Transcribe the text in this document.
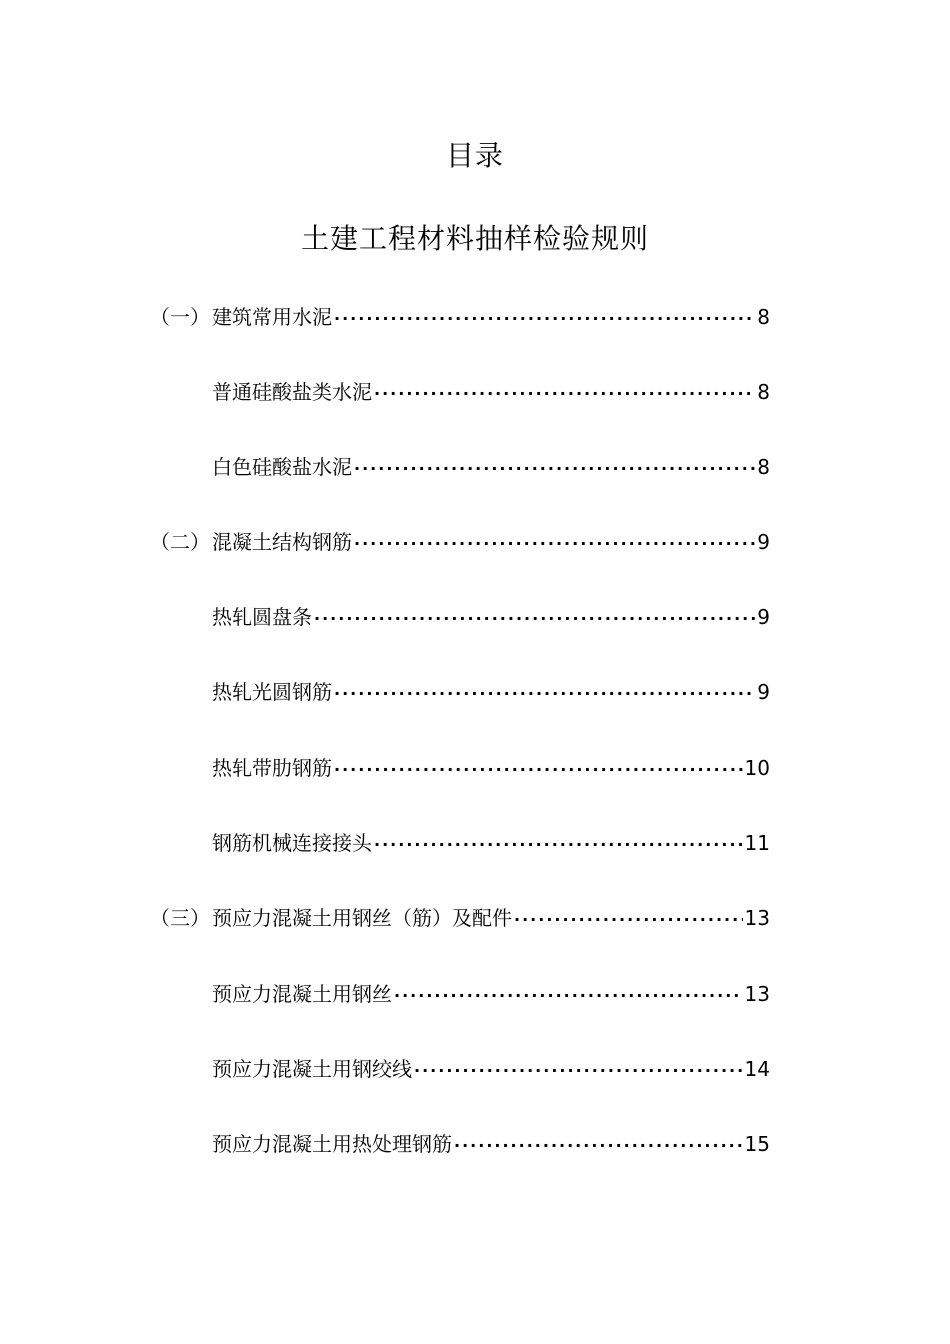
目录
土建工程材料抽样检验规则
（一） 建筑常用水泥 ·····	8
普通硅酸盐类水泥 ·····	8
白色硅酸盐水泥 ·····	8
（二） 混凝土结构钢筋 ·····	9
热轧圆盘条 ·····	9
热轧光圆钢筋 ·····	9
热轧带肋钢筋 ·····	10
钢筋机械连接接头 ·····	11
（三） 预应力混凝土用钢丝（筋）及配件 ·····	13
预应力混凝土用钢丝 ·····	13
预应力混凝土用钢绞线 ·····	14
预应力混凝土用热处理钢筋 ·····	15
